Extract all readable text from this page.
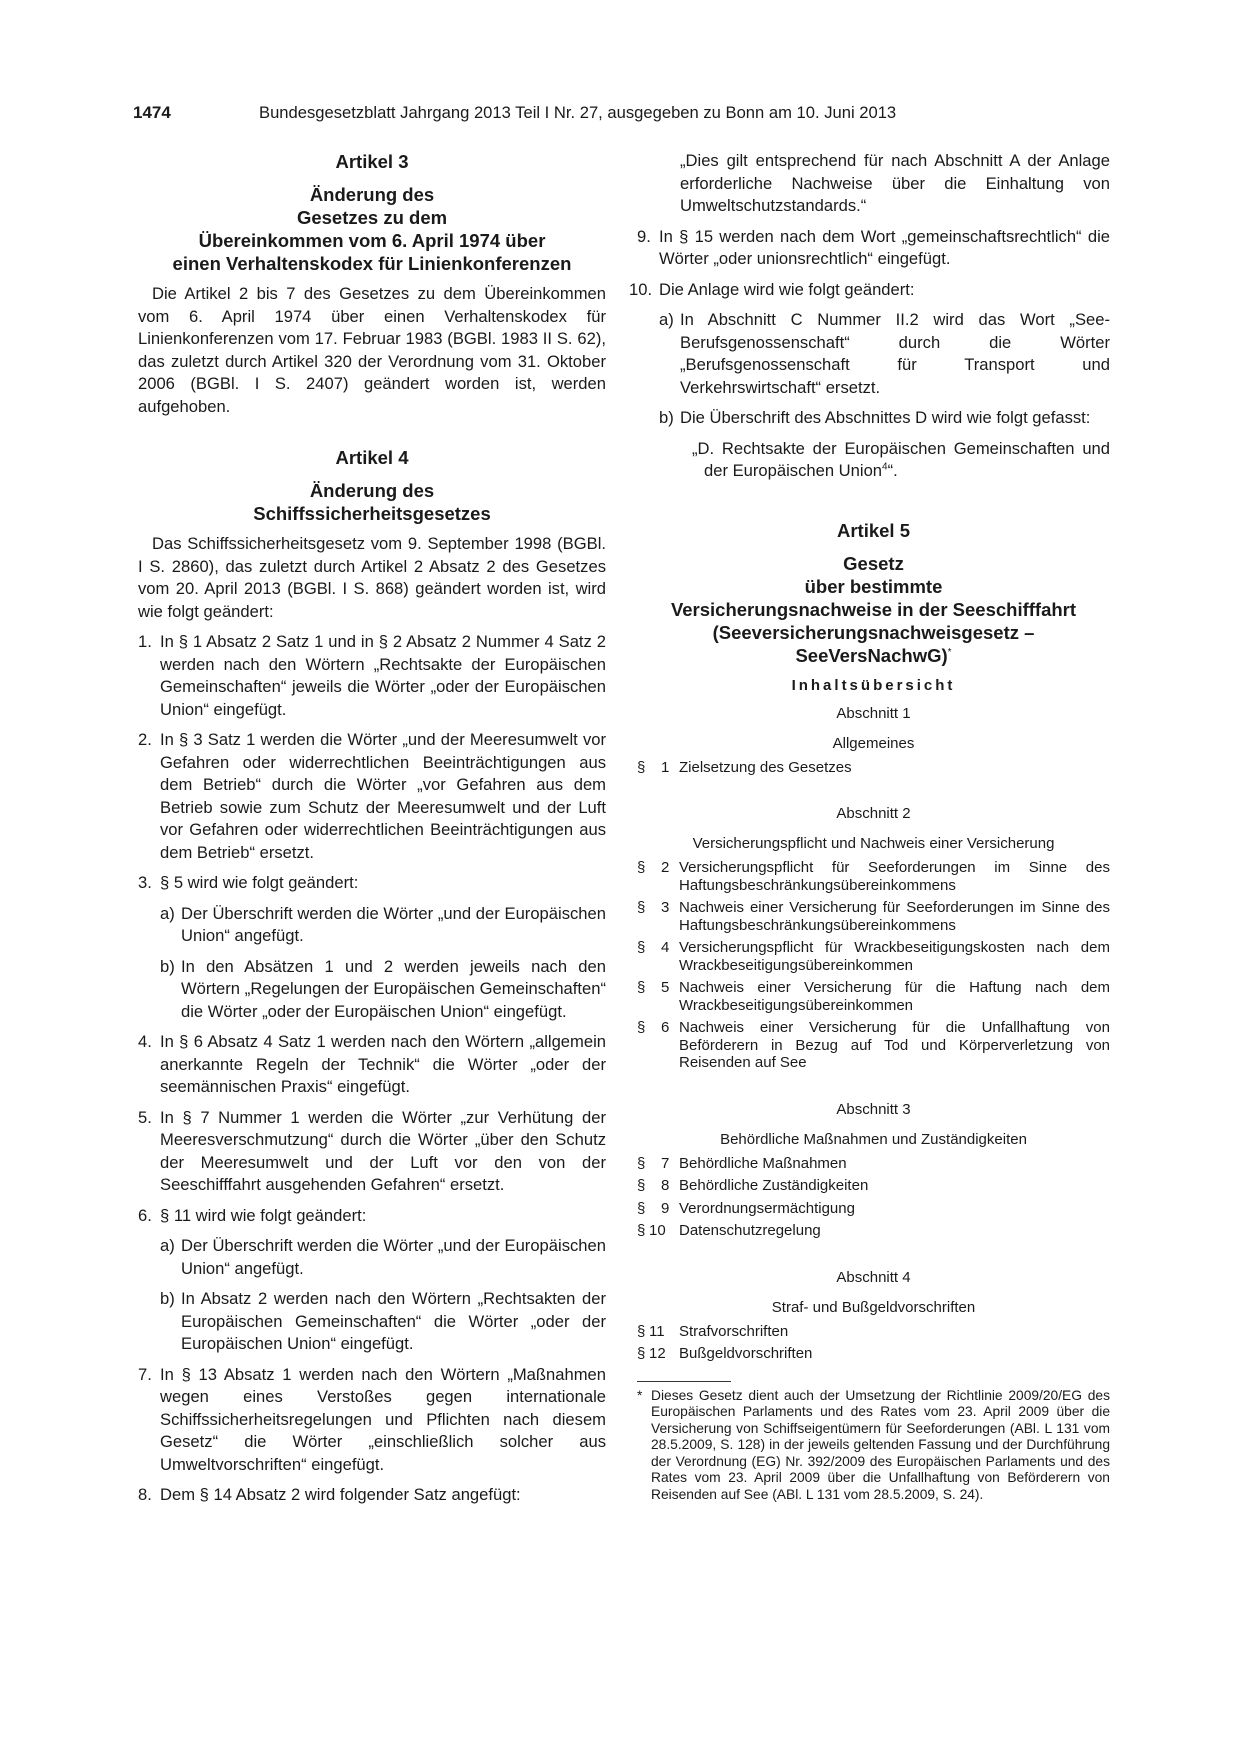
1474	Bundesgesetzblatt Jahrgang 2013 Teil I Nr. 27, ausgegeben zu Bonn am 10. Juni 2013
Artikel 3
Änderung des
Gesetzes zu dem
Übereinkommen vom 6. April 1974 über
einen Verhaltenskodex für Linienkonferenzen

Die Artikel 2 bis 7 des Gesetzes zu dem Übereinkommen vom 6. April 1974 über einen Verhaltenskodex für Linienkonferenzen vom 17. Februar 1983 (BGBl. 1983 II S. 62), das zuletzt durch Artikel 320 der Verordnung vom 31. Oktober 2006 (BGBl. I S. 2407) geändert worden ist, werden aufgehoben.

Artikel 4
Änderung des
Schiffssicherheitsgesetzes

Das Schiffssicherheitsgesetz vom 9. September 1998 (BGBl. I S. 2860), das zuletzt durch Artikel 2 Absatz 2 des Gesetzes vom 20. April 2013 (BGBl. I S. 868) geändert worden ist, wird wie folgt geändert:

1. In § 1 Absatz 2 Satz 1 und in § 2 Absatz 2 Nummer 4 Satz 2 werden nach den Wörtern „Rechtsakte der Europäischen Gemeinschaften“ jeweils die Wörter „oder der Europäischen Union“ eingefügt.
2. In § 3 Satz 1 werden die Wörter „und der Meeresumwelt vor Gefahren oder widerrechtlichen Beeinträchtigungen aus dem Betrieb“ durch die Wörter „vor Gefahren aus dem Betrieb sowie zum Schutz der Meeresumwelt und der Luft vor Gefahren oder widerrechtlichen Beeinträchtigungen aus dem Betrieb“ ersetzt.
3. § 5 wird wie folgt geändert:
a) Der Überschrift werden die Wörter „und der Europäischen Union“ angefügt.
b) In den Absätzen 1 und 2 werden jeweils nach den Wörtern „Regelungen der Europäischen Gemeinschaften“ die Wörter „oder der Europäischen Union“ eingefügt.
4. In § 6 Absatz 4 Satz 1 werden nach den Wörtern „allgemein anerkannte Regeln der Technik“ die Wörter „oder der seemännischen Praxis“ eingefügt.
5. In § 7 Nummer 1 werden die Wörter „zur Verhütung der Meeresverschmutzung“ durch die Wörter „über den Schutz der Meeresumwelt und der Luft vor den von der Seeschifffahrt ausgehenden Gefahren“ ersetzt.
6. § 11 wird wie folgt geändert:
a) Der Überschrift werden die Wörter „und der Europäischen Union“ angefügt.
b) In Absatz 2 werden nach den Wörtern „Rechtsakten der Europäischen Gemeinschaften“ die Wörter „oder der Europäischen Union“ eingefügt.
7. In § 13 Absatz 1 werden nach den Wörtern „Maßnahmen wegen eines Verstoßes gegen internationale Schiffssicherheitsregelungen und Pflichten nach diesem Gesetz“ die Wörter „einschließlich solcher aus Umweltvorschriften“ eingefügt.
8. Dem § 14 Absatz 2 wird folgender Satz angefügt:
„Dies gilt entsprechend für nach Abschnitt A der Anlage erforderliche Nachweise über die Einhaltung von Umweltschutzstandards.“
9. In § 15 werden nach dem Wort „gemeinschaftsrechtlich“ die Wörter „oder unionsrechtlich“ eingefügt.
10. Die Anlage wird wie folgt geändert:
a) In Abschnitt C Nummer II.2 wird das Wort „See-Berufsgenossenschaft“ durch die Wörter „Berufsgenossenschaft für Transport und Verkehrswirtschaft“ ersetzt.
b) Die Überschrift des Abschnittes D wird wie folgt gefasst:
„D. Rechtsakte der Europäischen Gemeinschaften und der Europäischen Union$^4$“.
Artikel 5
Gesetz
über bestimmte
Versicherungsnachweise in der Seeschifffahrt
(Seeversicherungsnachweisgesetz –
SeeVersNachwG)*
Inhaltsübersicht
Abschnitt 1
Allgemeines
§ 1 Zielsetzung des Gesetzes
Abschnitt 2
Versicherungspflicht und Nachweis einer Versicherung
§ 2 Versicherungspflicht für Seeforderungen im Sinne des Haftungsbeschränkungsübereinkommens
§ 3 Nachweis einer Versicherung für Seeforderungen im Sinne des Haftungsbeschränkungsübereinkommens
§ 4 Versicherungspflicht für Wrackbeseitigungskosten nach dem Wrackbeseitigungsübereinkommen
§ 5 Nachweis einer Versicherung für die Haftung nach dem Wrackbeseitigungsübereinkommen
§ 6 Nachweis einer Versicherung für die Unfallhaftung von Beförderern in Bezug auf Tod und Körperverletzung von Reisenden auf See
Abschnitt 3
Behördliche Maßnahmen und Zuständigkeiten
§ 7 Behördliche Maßnahmen
§ 8 Behördliche Zuständigkeiten
§ 9 Verordnungsermächtigung
§ 10 Datenschutzregelung
Abschnitt 4
Straf- und Bußgeldvorschriften
§ 11 Strafvorschriften
§ 12 Bußgeldvorschriften
* Dieses Gesetz dient auch der Umsetzung der Richtlinie 2009/20/EG des Europäischen Parlaments und des Rates vom 23. April 2009 über die Versicherung von Schiffseigentümern für Seeforderungen (ABl. L 131 vom 28.5.2009, S. 128) in der jeweils geltenden Fassung und der Durchführung der Verordnung (EG) Nr. 392/2009 des Europäischen Parlaments und des Rates vom 23. April 2009 über die Unfallhaftung von Beförderern von Reisenden auf See (ABl. L 131 vom 28.5.2009, S. 24).
